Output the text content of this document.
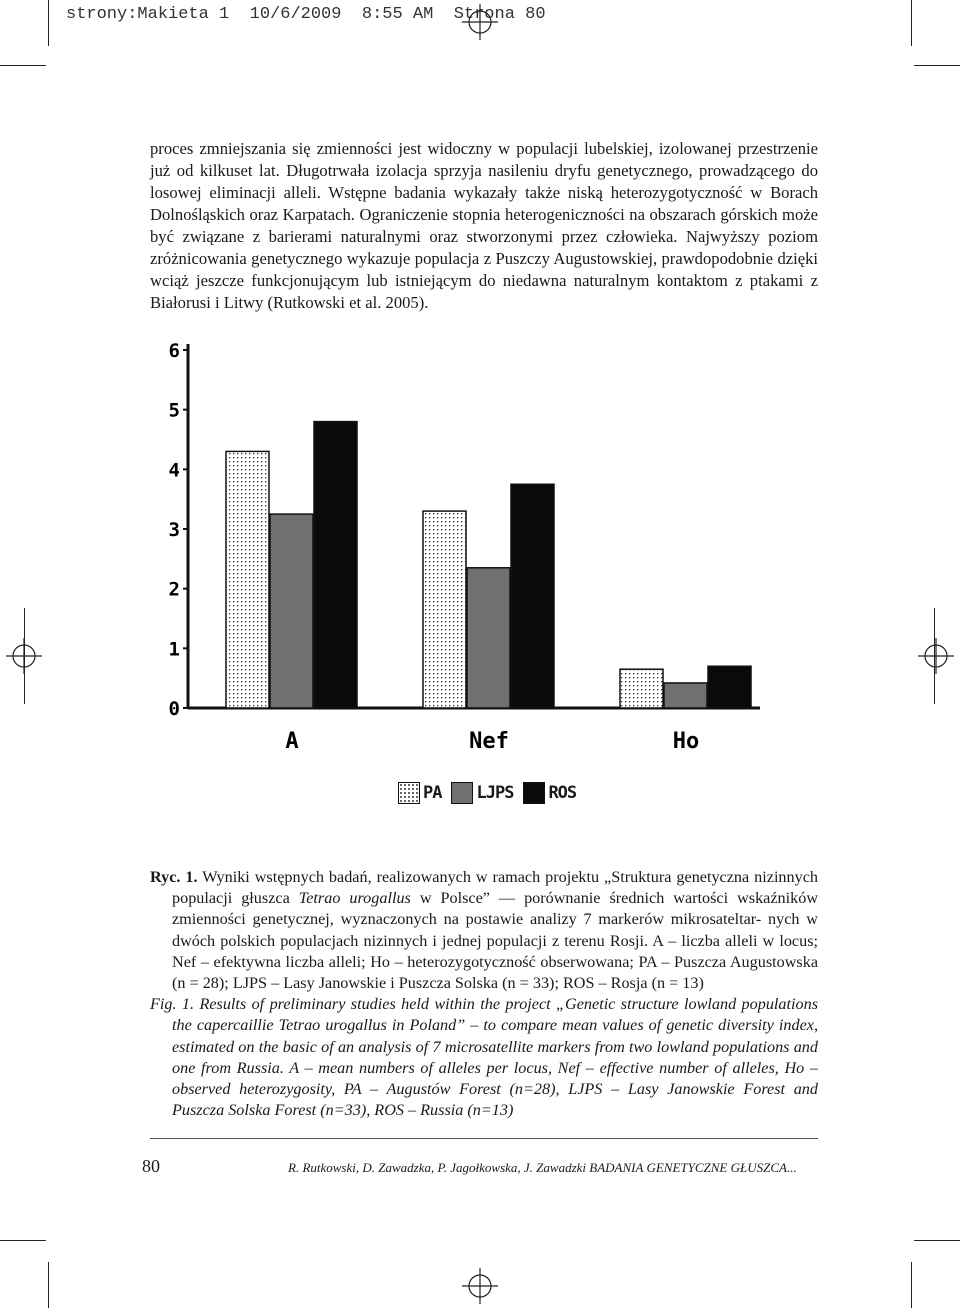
strony:Makieta 1 10/6/2009 8:55 AM Strona 80

proces zmniejszania się zmienności jest widoczny w populacji lubelskiej, izolowanej przestrzenie już od kilkuset lat. Długotrwała izolacja sprzyja nasileniu dryfu genetycznego, prowadzącego do losowej eliminacji alleli. Wstępne badania wykazały także niską heterozygotyczność w Borach Dolnośląskich oraz Karpatach. Ograniczenie stopnia heterogeniczności na obszarach górskich może być związane z barierami naturalnymi oraz stworzonymi przez człowieka. Najwyższy poziom zróżnicowania genetycznego wykazuje populacja z Puszczy Augustowskiej, prawdopodobnie dzięki wciąż jeszcze funkcjonującym lub istniejącym do niedawna naturalnym kontaktom z ptakami z Białorusi i Litwy (Rutkowski et al. 2005).

0
1
2
3
4
5
6
A	Nef	Ho
PA LJPS ROS

Ryc. 1. Wyniki wstępnych badań, realizowanych w ramach projektu „Struktura genetyczna nizinnych populacji głuszca Tetrao urogallus w Polsce” — porównanie średnich wartości wskaźników zmienności genetycznej, wyznaczonych na postawie analizy 7 markerów mikrosateltar- nych w dwóch polskich populacjach nizinnych i jednej populacji z terenu Rosji. A – liczba alleli w locus; Nef – efektywna liczba alleli; Ho – heterozygotyczność obserwowana; PA – Puszcza Augustowska (n = 28); LJPS – Lasy Janowskie i Puszcza Solska (n = 33); ROS – Rosja (n = 13)

Fig. 1. Results of preliminary studies held within the project „Genetic structure lowland populations the capercaillie Tetrao urogallus in Poland” – to compare mean values of genetic diversity index, estimated on the basic of an analysis of 7 microsatellite markers from two lowland populations and one from Russia. A – mean numbers of alleles per locus, Nef – effective number of alleles, Ho – observed heterozygosity, PA – Augustów Forest (n=28), LJPS – Lasy Janowskie Forest and Puszcza Solska Forest (n=33), ROS – Russia (n=13)

80	R. Rutkowski, D. Zawadzka, P. Jagołkowska, J. Zawadzki BADANIA GENETYCZNE GŁUSZCA...
